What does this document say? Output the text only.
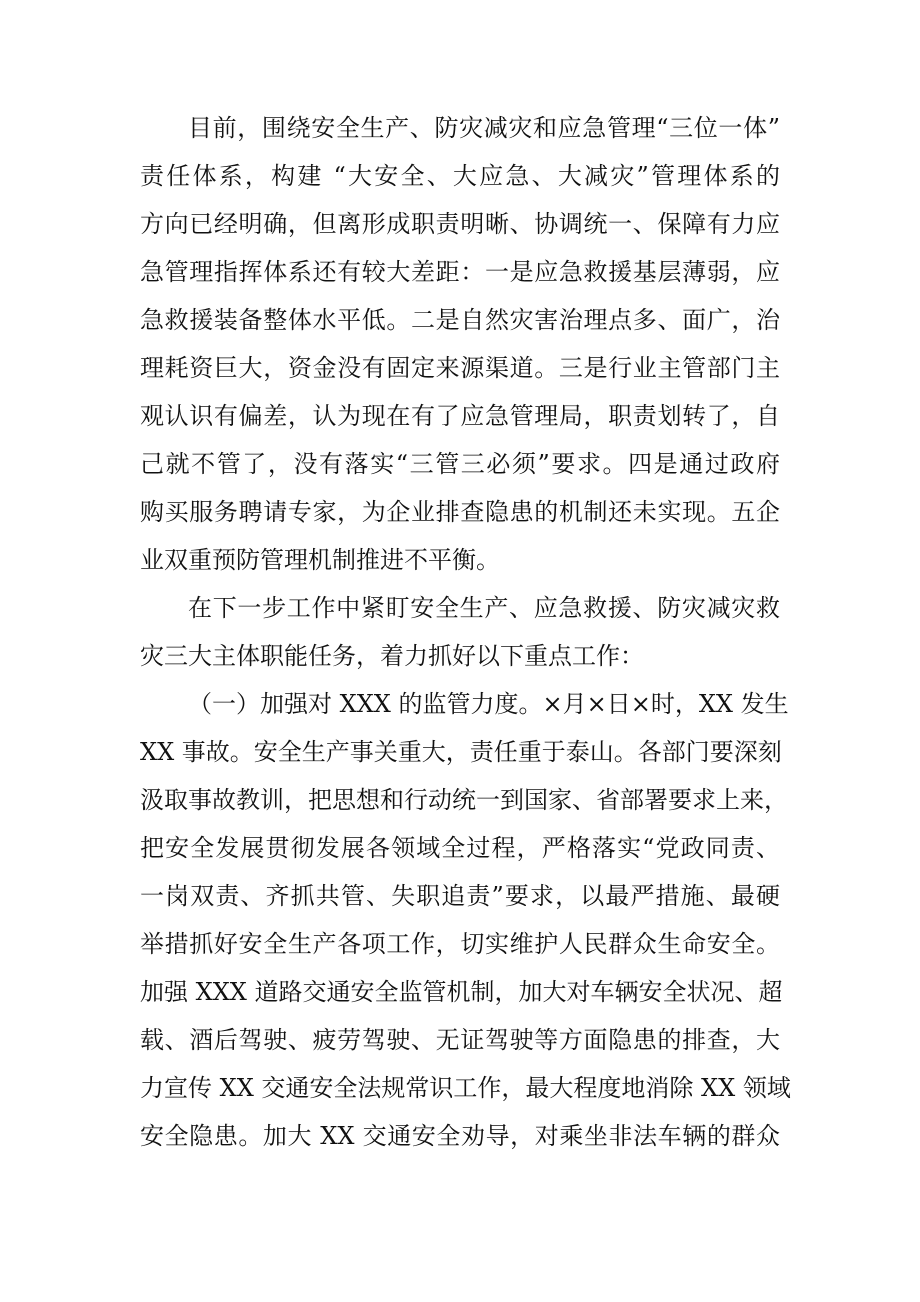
目前，围绕安全生产、防灾减灾和应急管理“三位一体”
责任体系，构建 “大安全、大应急、大减灾”管理体系的
方向已经明确，但离形成职责明晰、协调统一、保障有力应
急管理指挥体系还有较大差距：一是应急救援基层薄弱，应
急救援装备整体水平低。二是自然灾害治理点多、面广，治
理耗资巨大，资金没有固定来源渠道。三是行业主管部门主
观认识有偏差，认为现在有了应急管理局，职责划转了，自
己就不管了，没有落实“三管三必须”要求。四是通过政府
购买服务聘请专家，为企业排查隐患的机制还未实现。五企
业双重预防管理机制推进不平衡。
在下一步工作中紧盯安全生产、应急救援、防灾减灾救
灾三大主体职能任务，着力抓好以下重点工作：
（一）加强对 XXX 的监管力度。×月×日×时，XX 发生
XX 事故。安全生产事关重大，责任重于泰山。各部门要深刻
汲取事故教训，把思想和行动统一到国家、省部署要求上来，
把安全发展贯彻发展各领域全过程，严格落实“党政同责、
一岗双责、齐抓共管、失职追责”要求，以最严措施、最硬
举措抓好安全生产各项工作，切实维护人民群众生命安全。
加强 XXX 道路交通安全监管机制，加大对车辆安全状况、超
载、酒后驾驶、疲劳驾驶、无证驾驶等方面隐患的排查，大
力宣传 XX 交通安全法规常识工作，最大程度地消除 XX 领域
安全隐患。加大 XX 交通安全劝导，对乘坐非法车辆的群众
